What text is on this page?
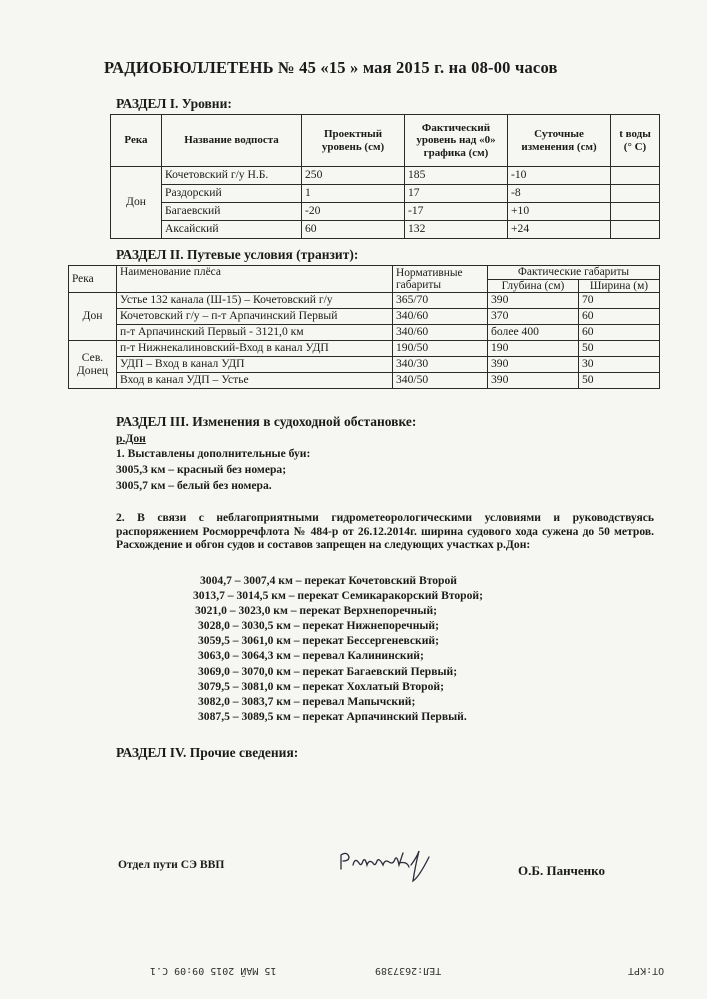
РАДИОБЮЛЛЕТЕНЬ № 45 «15 » мая 2015 г. на 08-00 часов
РАЗДЕЛ I. Уровни:
Река	Название водпоста	Проектный уровень (см)	Фактический уровень над «0» графика (см)	Суточные изменения (см)	t воды (° С)
Дон	Кочетовский г/у Н.Б.	250	185	-10	
	Раздорский	1	17	-8	
	Багаевский	-20	-17	+10	
	Аксайский	60	132	+24	
РАЗДЕЛ II. Путевые условия (транзит):
Река	Наименование плёса	Нормативные габариты	Фактические габариты	
			Глубина (см)	Ширина (м)
Дон	Устье 132 канала (Ш-15) – Кочетовский г/у	365/70	390	70
	Кочетовский г/у – п-т Арпачинский Первый	340/60	370	60
	п-т Арпачинский Первый - 3121,0 км	340/60	более 400	60
Сев. Донец	п-т Нижнекалиновский-Вход в канал УДП	190/50	190	50
	УДП – Вход в канал УДП	340/30	390	30
	Вход в канал УДП – Устье	340/50	390	50
РАЗДЕЛ III. Изменения в судоходной обстановке:
р.Дон
1. Выставлены дополнительные буи:
3005,3 км – красный без номера;
3005,7 км – белый без номера.
2. В связи с неблагоприятными гидрометеорологическими условиями и руководствуясь распоряжением Росморречфлота № 484-р от 26.12.2014г. ширина судового хода сужена до 50 метров. Расхождение и обгон судов и составов запрещен на следующих участках р.Дон:
3004,7 – 3007,4 км – перекат Кочетовский Второй
3013,7 – 3014,5 км – перекат Семикаракорский Второй;
3021,0 – 3023,0 км – перекат Верхнепоречный;
3028,0 – 3030,5 км – перекат Нижнепоречный;
3059,5 – 3061,0 км – перекат Бессергеневский;
3063,0 – 3064,3 км – перевал Калининский;
3069,0 – 3070,0 км – перекат Багаевский Первый;
3079,5 – 3081,0 км – перекат Хохлатый Второй;
3082,0 – 3083,7 км – перевал Мапычский;
3087,5 – 3089,5 км – перекат Арпачинский Первый.
РАЗДЕЛ IV. Прочие сведения:
Отдел пути СЭ ВВП	О.Б. Панченко
15 МАЙ 2015 09:09 С.1	ТЕЛ:2637389	ОТ:КРТ
